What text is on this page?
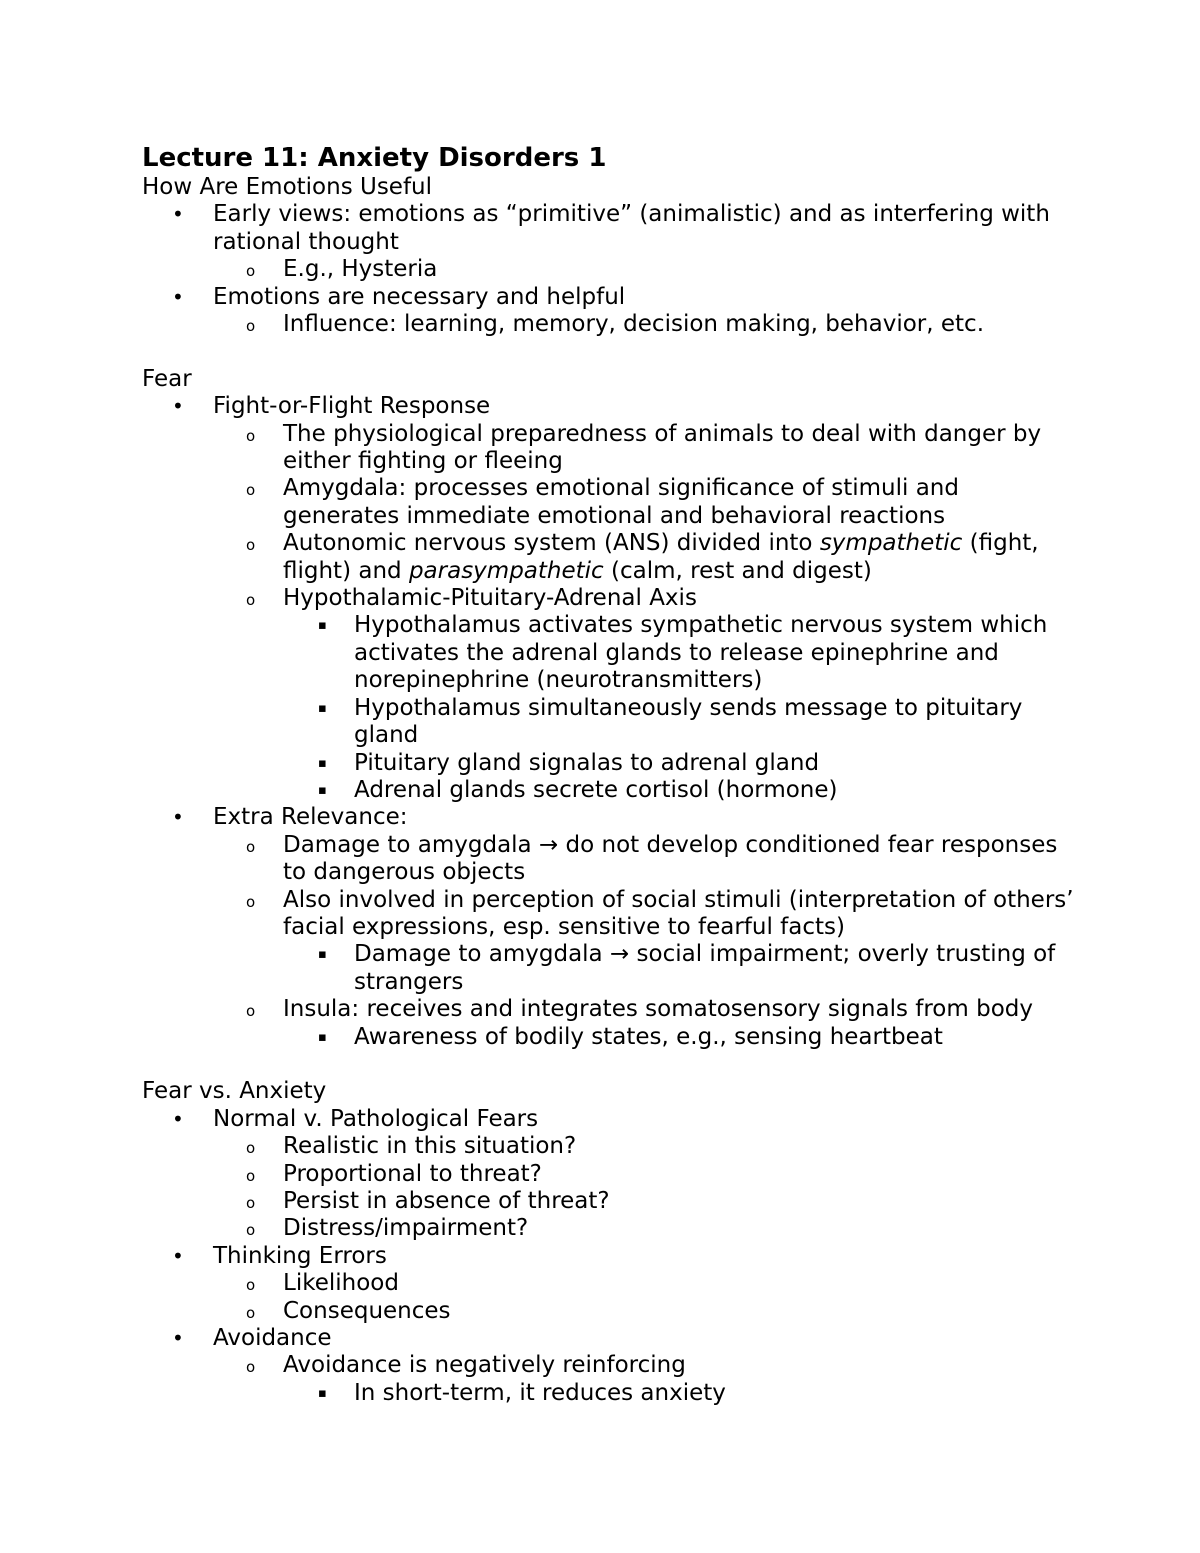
Lecture 11: Anxiety Disorders 1

How Are Emotions Useful

• Early views: emotions as “primitive” (animalistic) and as interfering with rational thought
o E.g., Hysteria
• Emotions are necessary and helpful
o Influence: learning, memory, decision making, behavior, etc.

Fear

• Fight-or-Flight Response
o The physiological preparedness of animals to deal with danger by either fighting or fleeing
o Amygdala: processes emotional significance of stimuli and generates immediate emotional and behavioral reactions
o Autonomic nervous system (ANS) divided into sympathetic (fight, flight) and parasympathetic (calm, rest and digest)
o Hypothalamic-Pituitary-Adrenal Axis
▪ Hypothalamus activates sympathetic nervous system which activates the adrenal glands to release epinephrine and norepinephrine (neurotransmitters)
▪ Hypothalamus simultaneously sends message to pituitary gland
▪ Pituitary gland signalas to adrenal gland
▪ Adrenal glands secrete cortisol (hormone)
• Extra Relevance:
o Damage to amygdala → do not develop conditioned fear responses to dangerous objects
o Also involved in perception of social stimuli (interpretation of others’ facial expressions, esp. sensitive to fearful facts)
▪ Damage to amygdala → social impairment; overly trusting of strangers
o Insula: receives and integrates somatosensory signals from body
▪ Awareness of bodily states, e.g., sensing heartbeat

Fear vs. Anxiety

• Normal v. Pathological Fears
o Realistic in this situation?
o Proportional to threat?
o Persist in absence of threat?
o Distress/impairment?
• Thinking Errors
o Likelihood
o Consequences
• Avoidance
o Avoidance is negatively reinforcing
▪ In short-term, it reduces anxiety
